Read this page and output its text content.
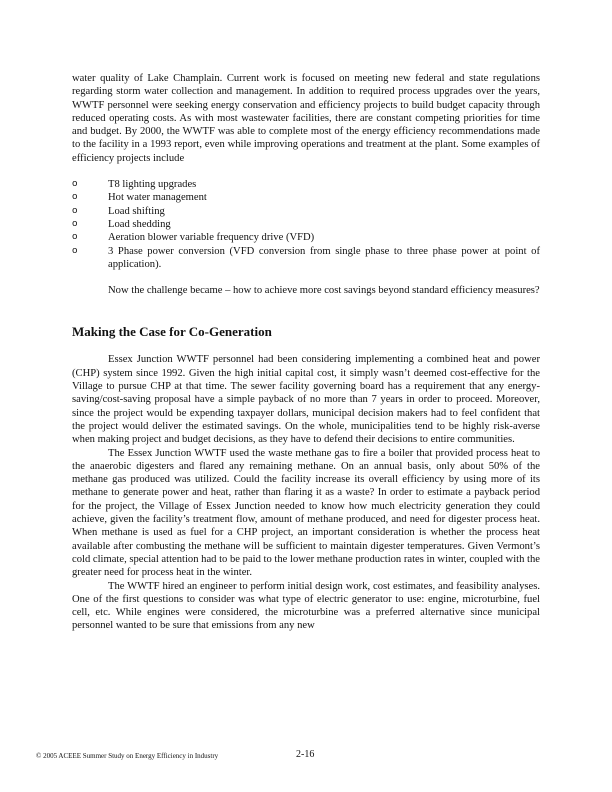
water quality of Lake Champlain. Current work is focused on meeting new federal and state regulations regarding storm water collection and management. In addition to required process upgrades over the years, WWTF personnel were seeking energy conservation and efficiency projects to build budget capacity through reduced operating costs. As with most wastewater facilities, there are constant competing priorities for time and budget. By 2000, the WWTF was able to complete most of the energy efficiency recommendations made to the facility in a 1993 report, even while improving operations and treatment at the plant. Some examples of efficiency projects include

o	T8 lighting upgrades
o	Hot water management
o	Load shifting
o	Load shedding
o	Aeration blower variable frequency drive (VFD)
o	3 Phase power conversion (VFD conversion from single phase to three phase power at point of application).

Now the challenge became – how to achieve more cost savings beyond standard efficiency measures?

Making the Case for Co-Generation

Essex Junction WWTF personnel had been considering implementing a combined heat and power (CHP) system since 1992. Given the high initial capital cost, it simply wasn’t deemed cost-effective for the Village to pursue CHP at that time. The sewer facility governing board has a requirement that any energy-saving/cost-saving proposal have a simple payback of no more than 7 years in order to proceed. Moreover, since the project would be expending taxpayer dollars, municipal decision makers had to feel confident that the project would deliver the estimated savings. On the whole, municipalities tend to be highly risk-averse when making project and budget decisions, as they have to defend their decisions to entire communities.

The Essex Junction WWTF used the waste methane gas to fire a boiler that provided process heat to the anaerobic digesters and flared any remaining methane. On an annual basis, only about 50% of the methane gas produced was utilized. Could the facility increase its overall efficiency by using more of its methane to generate power and heat, rather than flaring it as a waste? In order to estimate a payback period for the project, the Village of Essex Junction needed to know how much electricity generation they could achieve, given the facility’s treatment flow, amount of methane produced, and need for digester process heat. When methane is used as fuel for a CHP project, an important consideration is whether the process heat available after combusting the methane will be sufficient to maintain digester temperatures. Given Vermont’s cold climate, special attention had to be paid to the lower methane production rates in winter, coupled with the greater need for process heat in the winter.

The WWTF hired an engineer to perform initial design work, cost estimates, and feasibility analyses. One of the first questions to consider was what type of electric generator to use: engine, microturbine, fuel cell, etc. While engines were considered, the microturbine was a preferred alternative since municipal personnel wanted to be sure that emissions from any new

© 2005 ACEEE Summer Study on Energy Efficiency in Industry	2-16
